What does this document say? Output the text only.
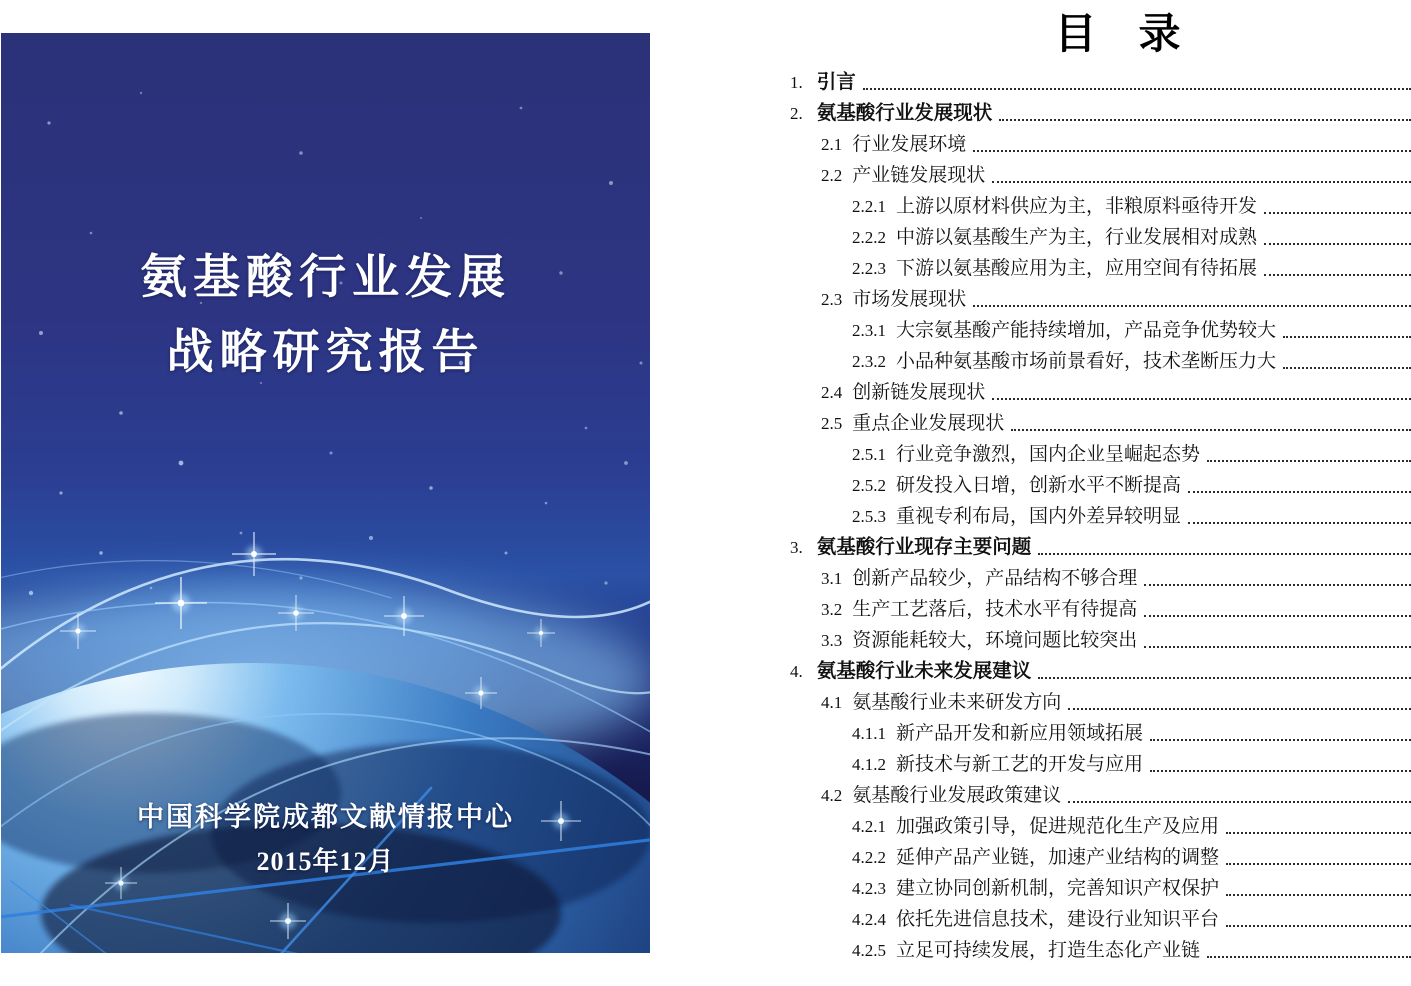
氨基酸行业发展
战略研究报告
中国科学院成都文献情报中心
2015年12月
目　录
1. 引言
2. 氨基酸行业发展现状
2.1 行业发展环境
2.2 产业链发展现状
2.2.1 上游以原材料供应为主，非粮原料亟待开发
2.2.2 中游以氨基酸生产为主，行业发展相对成熟
2.2.3 下游以氨基酸应用为主，应用空间有待拓展
2.3 市场发展现状
2.3.1 大宗氨基酸产能持续增加，产品竞争优势较大
2.3.2 小品种氨基酸市场前景看好，技术垄断压力大
2.4 创新链发展现状
2.5 重点企业发展现状
2.5.1 行业竞争激烈，国内企业呈崛起态势
2.5.2 研发投入日增，创新水平不断提高
2.5.3 重视专利布局，国内外差异较明显
3. 氨基酸行业现存主要问题
3.1 创新产品较少，产品结构不够合理
3.2 生产工艺落后，技术水平有待提高
3.3 资源能耗较大，环境问题比较突出
4. 氨基酸行业未来发展建议
4.1 氨基酸行业未来研发方向
4.1.1 新产品开发和新应用领域拓展
4.1.2 新技术与新工艺的开发与应用
4.2 氨基酸行业发展政策建议
4.2.1 加强政策引导，促进规范化生产及应用
4.2.2 延伸产品产业链，加速产业结构的调整
4.2.3 建立协同创新机制，完善知识产权保护
4.2.4 依托先进信息技术，建设行业知识平台
4.2.5 立足可持续发展，打造生态化产业链
